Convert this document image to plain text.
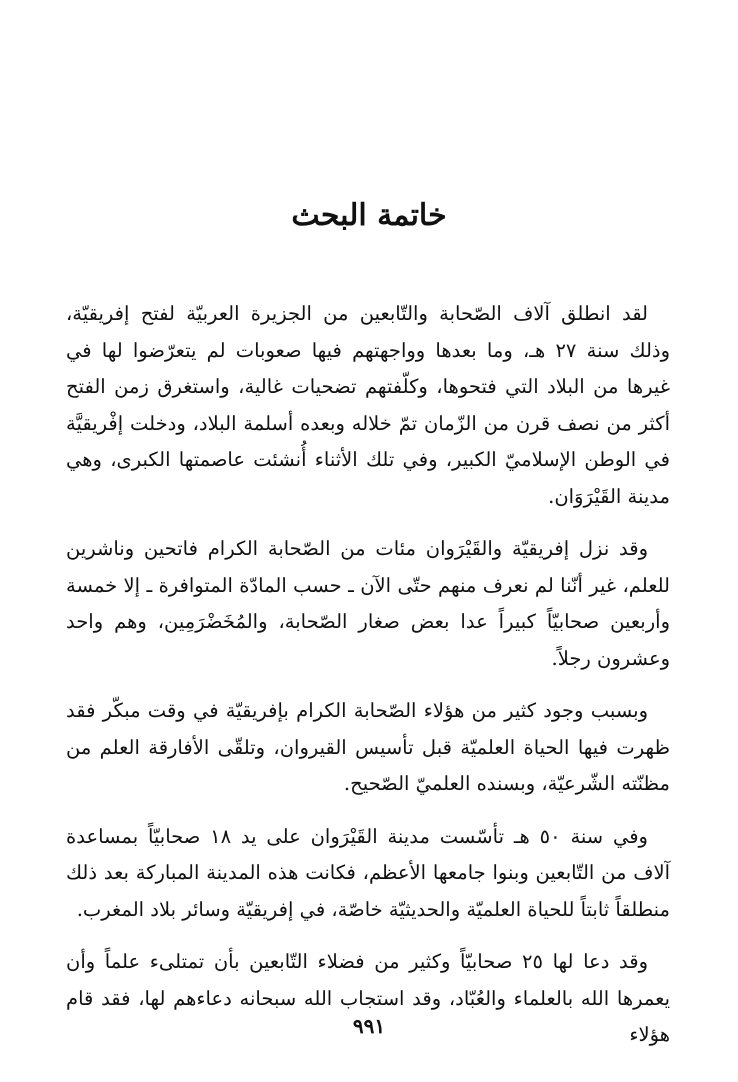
خاتمة البحث

لقد انطلق آلاف الصّحابة والتّابعين من الجزيرة العربيّة لفتح إفريقيّة، وذلك سنة ٢٧ هـ، وما بعدها وواجهتهم فيها صعوبات لم يتعرّضوا لها في غيرها من البلاد التي فتحوها، وكلّفتهم تضحيات غالية، واستغرق زمن الفتح أكثر من نصف قرن من الزّمان تمّ خلاله وبعده أسلمة البلاد، ودخلت إفْريقيَّة في الوطن الإسلاميّ الكبير، وفي تلك الأثناء أُنشئت عاصمتها الكبرى، وهي مدينة القَيْرَوَان.

وقد نزل إفريقيّة والقَيْرَوان مئات من الصّحابة الكرام فاتحين وناشرين للعلم، غير أنّنا لم نعرف منهم حتّى الآن ـ حسب المادّة المتوافرة ـ إلا خمسة وأربعين صحابيّاً كبيراً عدا بعض صغار الصّحابة، والمُخَضْرَمِين، وهم واحد وعشرون رجلاً.

وبسبب وجود كثير من هؤلاء الصّحابة الكرام بإفريقيّة في وقت مبكّر فقد ظهرت فيها الحياة العلميّة قبل تأسيس القيروان، وتلقّى الأفارقة العلم من مظنّته الشّرعيّة، وبسنده العلميّ الصّحيح.

وفي سنة ٥٠ هـ تأسّست مدينة القَيْرَوان على يد ١٨ صحابيّاً بمساعدة آلاف من التّابعين وبنوا جامعها الأعظم، فكانت هذه المدينة المباركة بعد ذلك منطلقاً ثابتاً للحياة العلميّة والحديثيّة خاصّة، في إفريقيّة وسائر بلاد المغرب.

وقد دعا لها ٢٥ صحابيّاً وكثير من فضلاء التّابعين بأن تمتلىء علماً وأن يعمرها الله بالعلماء والعُبّاد، وقد استجاب الله سبحانه دعاءهم لها، فقد قام هؤلاء

٩٩١
